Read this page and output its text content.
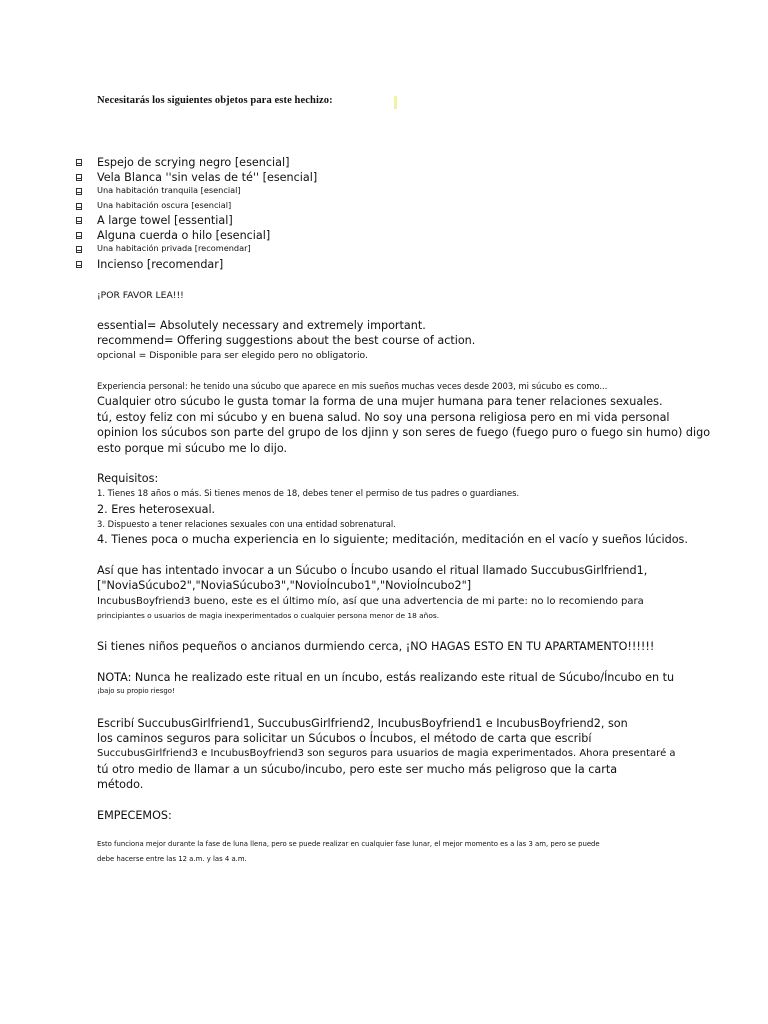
Necesitarás los siguientes objetos para este hechizo:
Espejo de scrying negro [esencial]
Vela Blanca ''sin velas de té'' [esencial]
Una habitación tranquila [esencial]
Una habitación oscura [esencial]
A large towel [essential]
Alguna cuerda o hilo [esencial]
Una habitación privada [recomendar]
Incienso [recomendar]
¡POR FAVOR LEA!!!
essential= Absolutely necessary and extremely important.
recommend= Offering suggestions about the best course of action.
opcional = Disponible para ser elegido pero no obligatorio.
Experiencia personal: he tenido una súcubo que aparece en mis sueños muchas veces desde 2003, mi súcubo es como...
Cualquier otro súcubo le gusta tomar la forma de una mujer humana para tener relaciones sexuales.
tú, estoy feliz con mi súcubo y en buena salud. No soy una persona religiosa pero en mi vida personal
opinion los súcubos son parte del grupo de los djinn y son seres de fuego (fuego puro o fuego sin humo) digo
esto porque mi súcubo me lo dijo.
Requisitos:
1. Tienes 18 años o más. Si tienes menos de 18, debes tener el permiso de tus padres o guardianes.
2. Eres heterosexual.
3. Dispuesto a tener relaciones sexuales con una entidad sobrenatural.
4. Tienes poca o mucha experiencia en lo siguiente; meditación, meditación en el vacío y sueños lúcidos.
Así que has intentado invocar a un Súcubo o Íncubo usando el ritual llamado SuccubusGirlfriend1,
["NoviaSúcubo2","NoviaSúcubo3","NovioÍncubo1","NovioÍncubo2"]
IncubusBoyfriend3 bueno, este es el último mío, así que una advertencia de mi parte: no lo recomiendo para
principiantes o usuarios de magia inexperimentados o cualquier persona menor de 18 años.
Si tienes niños pequeños o ancianos durmiendo cerca, ¡NO HAGAS ESTO EN TU APARTAMENTO!!!!!!
NOTA: Nunca he realizado este ritual en un íncubo, estás realizando este ritual de Súcubo/Íncubo en tu
¡bajo su propio riesgo!
Escribí SuccubusGirlfriend1, SuccubusGirlfriend2, IncubusBoyfriend1 e IncubusBoyfriend2, son
los caminos seguros para solicitar un Súcubos o Íncubos, el método de carta que escribí
SuccubusGirlfriend3 e IncubusBoyfriend3 son seguros para usuarios de magia experimentados. Ahora presentaré a
tú otro medio de llamar a un súcubo/incubo, pero este ser mucho más peligroso que la carta
método.
EMPECEMOS:
Esto funciona mejor durante la fase de luna llena, pero se puede realizar en cualquier fase lunar, el mejor momento es a las 3 am, pero se puede
debe hacerse entre las 12 a.m. y las 4 a.m.
